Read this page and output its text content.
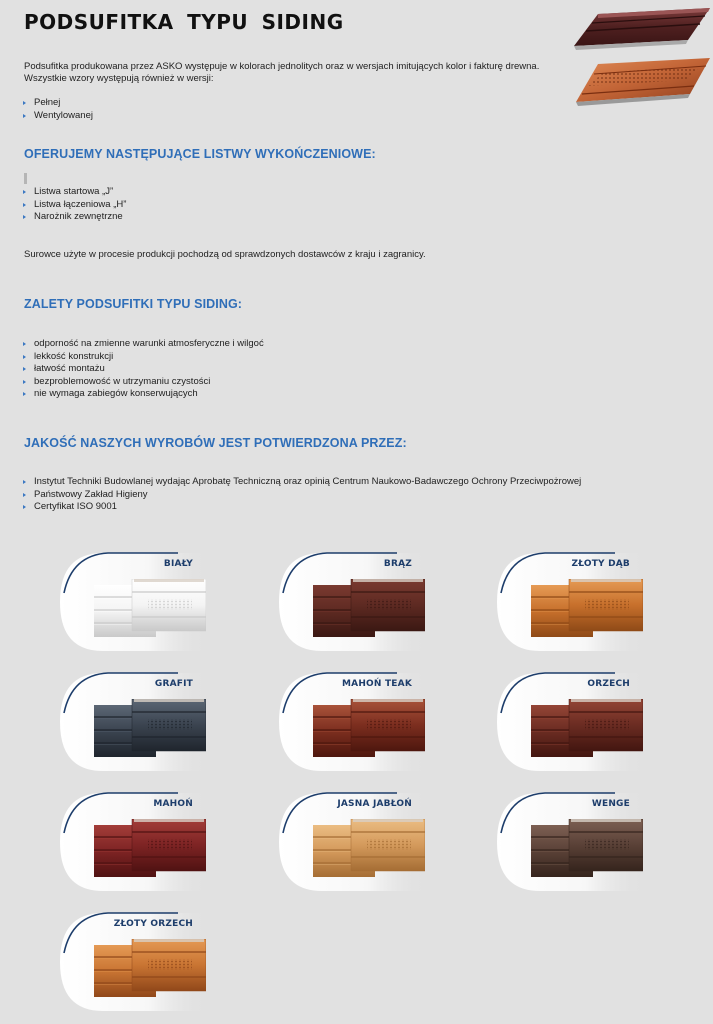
PODSUFITKA TYPU SIDING

Podsufitka produkowana przez ASKO występuje w kolorach jednolitych oraz w wersjach imitujących kolor i fakturę drewna.

Wszystkie wzory występują również w wersji:

Pełnej
Wentylowanej
OFERUJEMY NASTĘPUJĄCE LISTWY WYKOŃCZENIOWE:
Listwa startowa „J”
Listwa łączeniowa „H”
Narożnik zewnętrzne

Surowce użyte w procesie produkcji pochodzą od sprawdzonych dostawców z kraju i zagranicy.

ZALETY PODSUFITKI TYPU SIDING:
odporność na zmienne warunki atmosferyczne i wilgoć
lekkość konstrukcji
łatwość montażu
bezproblemowość w utrzymaniu czystości
nie wymaga zabiegów konserwujących
JAKOŚĆ NASZYCH WYROBÓW JEST POTWIERDZONA PRZEZ:
Instytut Techniki Budowlanej wydając Aprobatę Techniczną oraz opinią Centrum Naukowo-Badawczego Ochrony Przeciwpożrowej
Państwowy Zakład Higieny
Certyfikat ISO 9001
BIAŁY	BRĄZ	ZŁOTY DĄB
GRAFIT	MAHOŃ TEAK	ORZECH
MAHOŃ	JASNA JABŁOŃ	WENGE
ZŁOTY ORZECH
